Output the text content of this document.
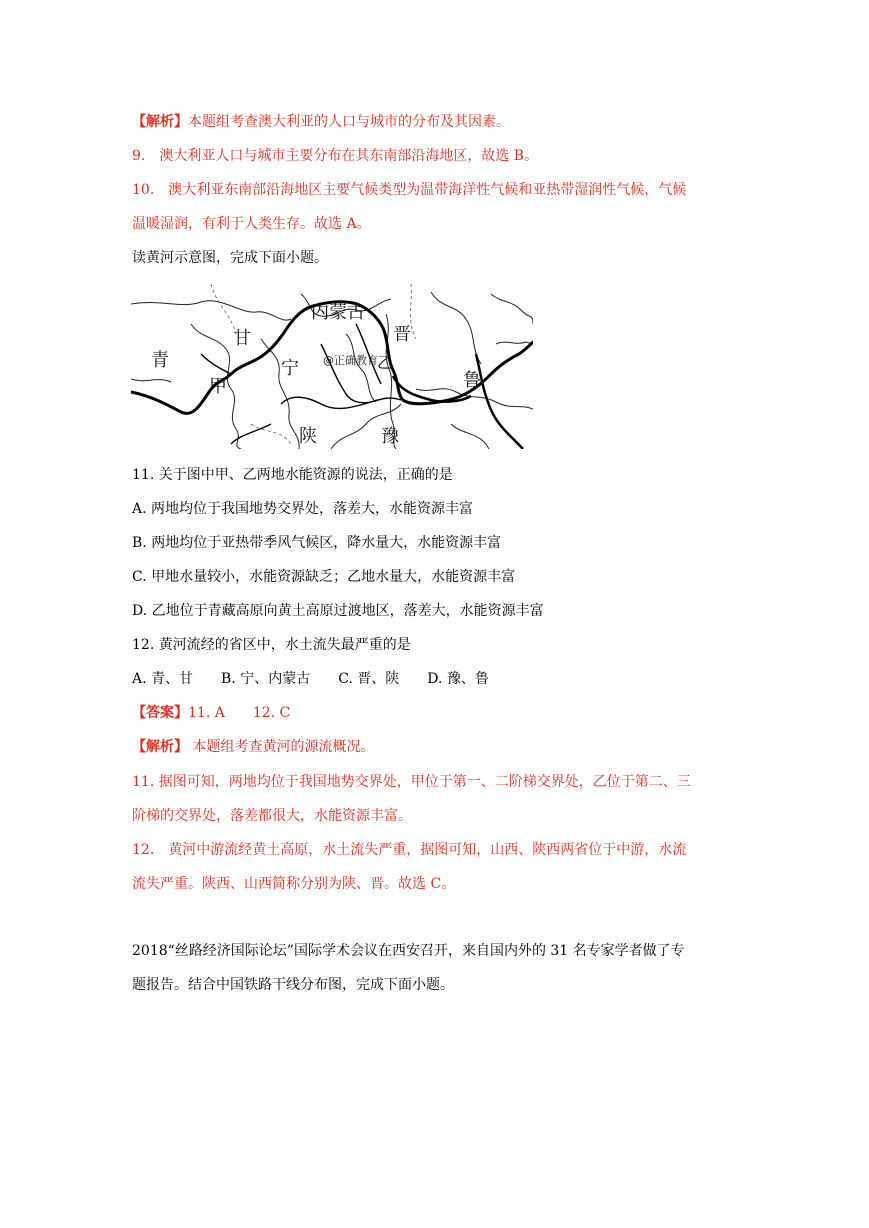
【解析】本题组考查澳大利亚的人口与城市的分布及其因素。
9.　澳大利亚人口与城市主要分布在其东南部沿海地区，故选 B。
10.　澳大利亚东南部沿海地区主要气候类型为温带海洋性气候和亚热带湿润性气候，气候
温暖湿润，有利于人类生存。故选 A。
读黄河示意图，完成下面小题。
青
甘
甲
宁
内蒙古
晋
乙
陕	豫
鲁
@正确教育
11. 关于图中甲、乙两地水能资源的说法，正确的是
A. 两地均位于我国地势交界处，落差大，水能资源丰富
B. 两地均位于亚热带季风气候区，降水量大，水能资源丰富
C. 甲地水量较小，水能资源缺乏；乙地水量大，水能资源丰富
D. 乙地位于青藏高原向黄土高原过渡地区，落差大，水能资源丰富
12. 黄河流经的省区中，水土流失最严重的是
A. 青、甘　　B. 宁、内蒙古　　C. 晋、陕　　D. 豫、鲁
【答案】11. A　　12. C
【解析】 本题组考查黄河的源流概况。
11. 据图可知，两地均位于我国地势交界处，甲位于第一、二阶梯交界处，乙位于第二、三
阶梯的交界处，落差都很大，水能资源丰富。
12.　黄河中游流经黄土高原，水土流失严重，据图可知，山西、陕西两省位于中游，水流
流失严重。陕西、山西简称分别为陕、晋。故选 C。
2018“丝路经济国际论坛”国际学术会议在西安召开，来自国内外的 31 名专家学者做了专
题报告。结合中国铁路干线分布图，完成下面小题。
